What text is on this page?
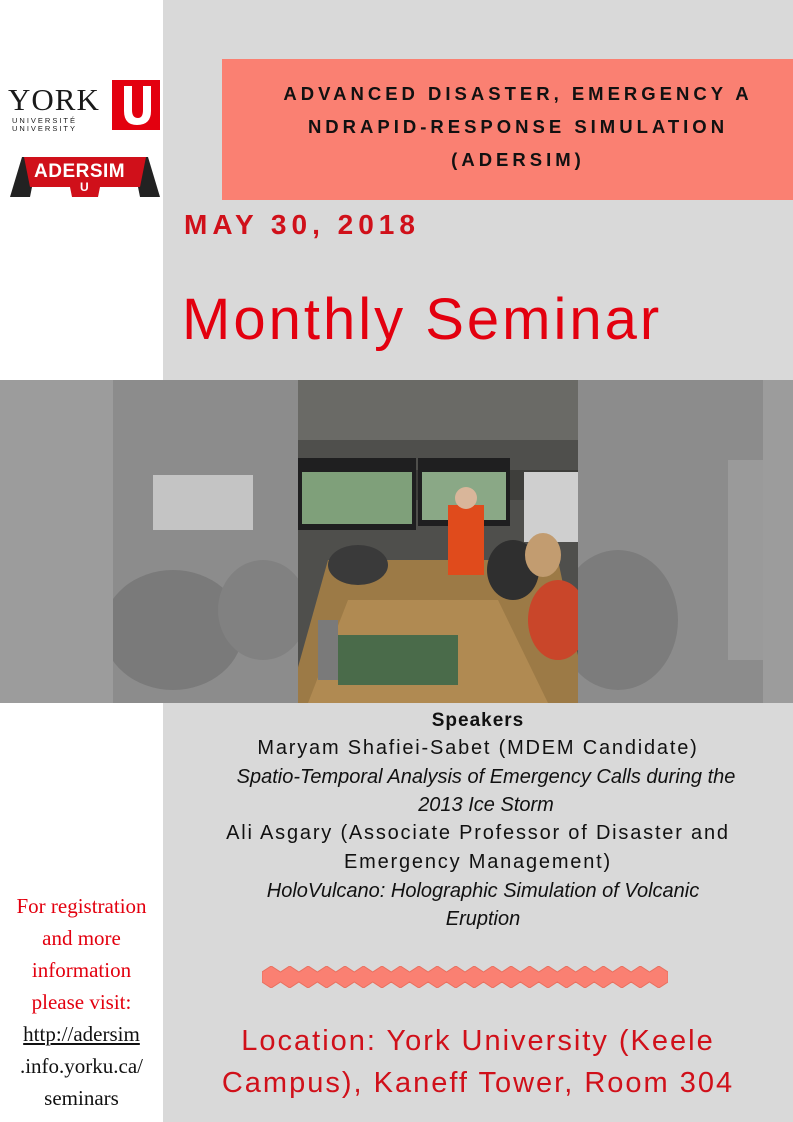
YORK
UNIVERSITÉ
UNIVERSITY
ADERSIM
U
ADVANCED DISASTER, EMERGENCY A
NDRAPID-RESPONSE SIMULATION
(ADERSIM)
MAY 30, 2018
Monthly Seminar
Speakers
Maryam Shafiei-Sabet (MDEM Candidate)
Spatio-Temporal Analysis of Emergency Calls during the
2013 Ice Storm
Ali Asgary (Associate Professor of Disaster and
Emergency Management)
HoloVulcano: Holographic Simulation of Volcanic
Eruption
Location: York University (Keele
Campus), Kaneff Tower, Room 304
For registration
and more
information
please visit:
http://adersim
.info.yorku.ca/
seminars
